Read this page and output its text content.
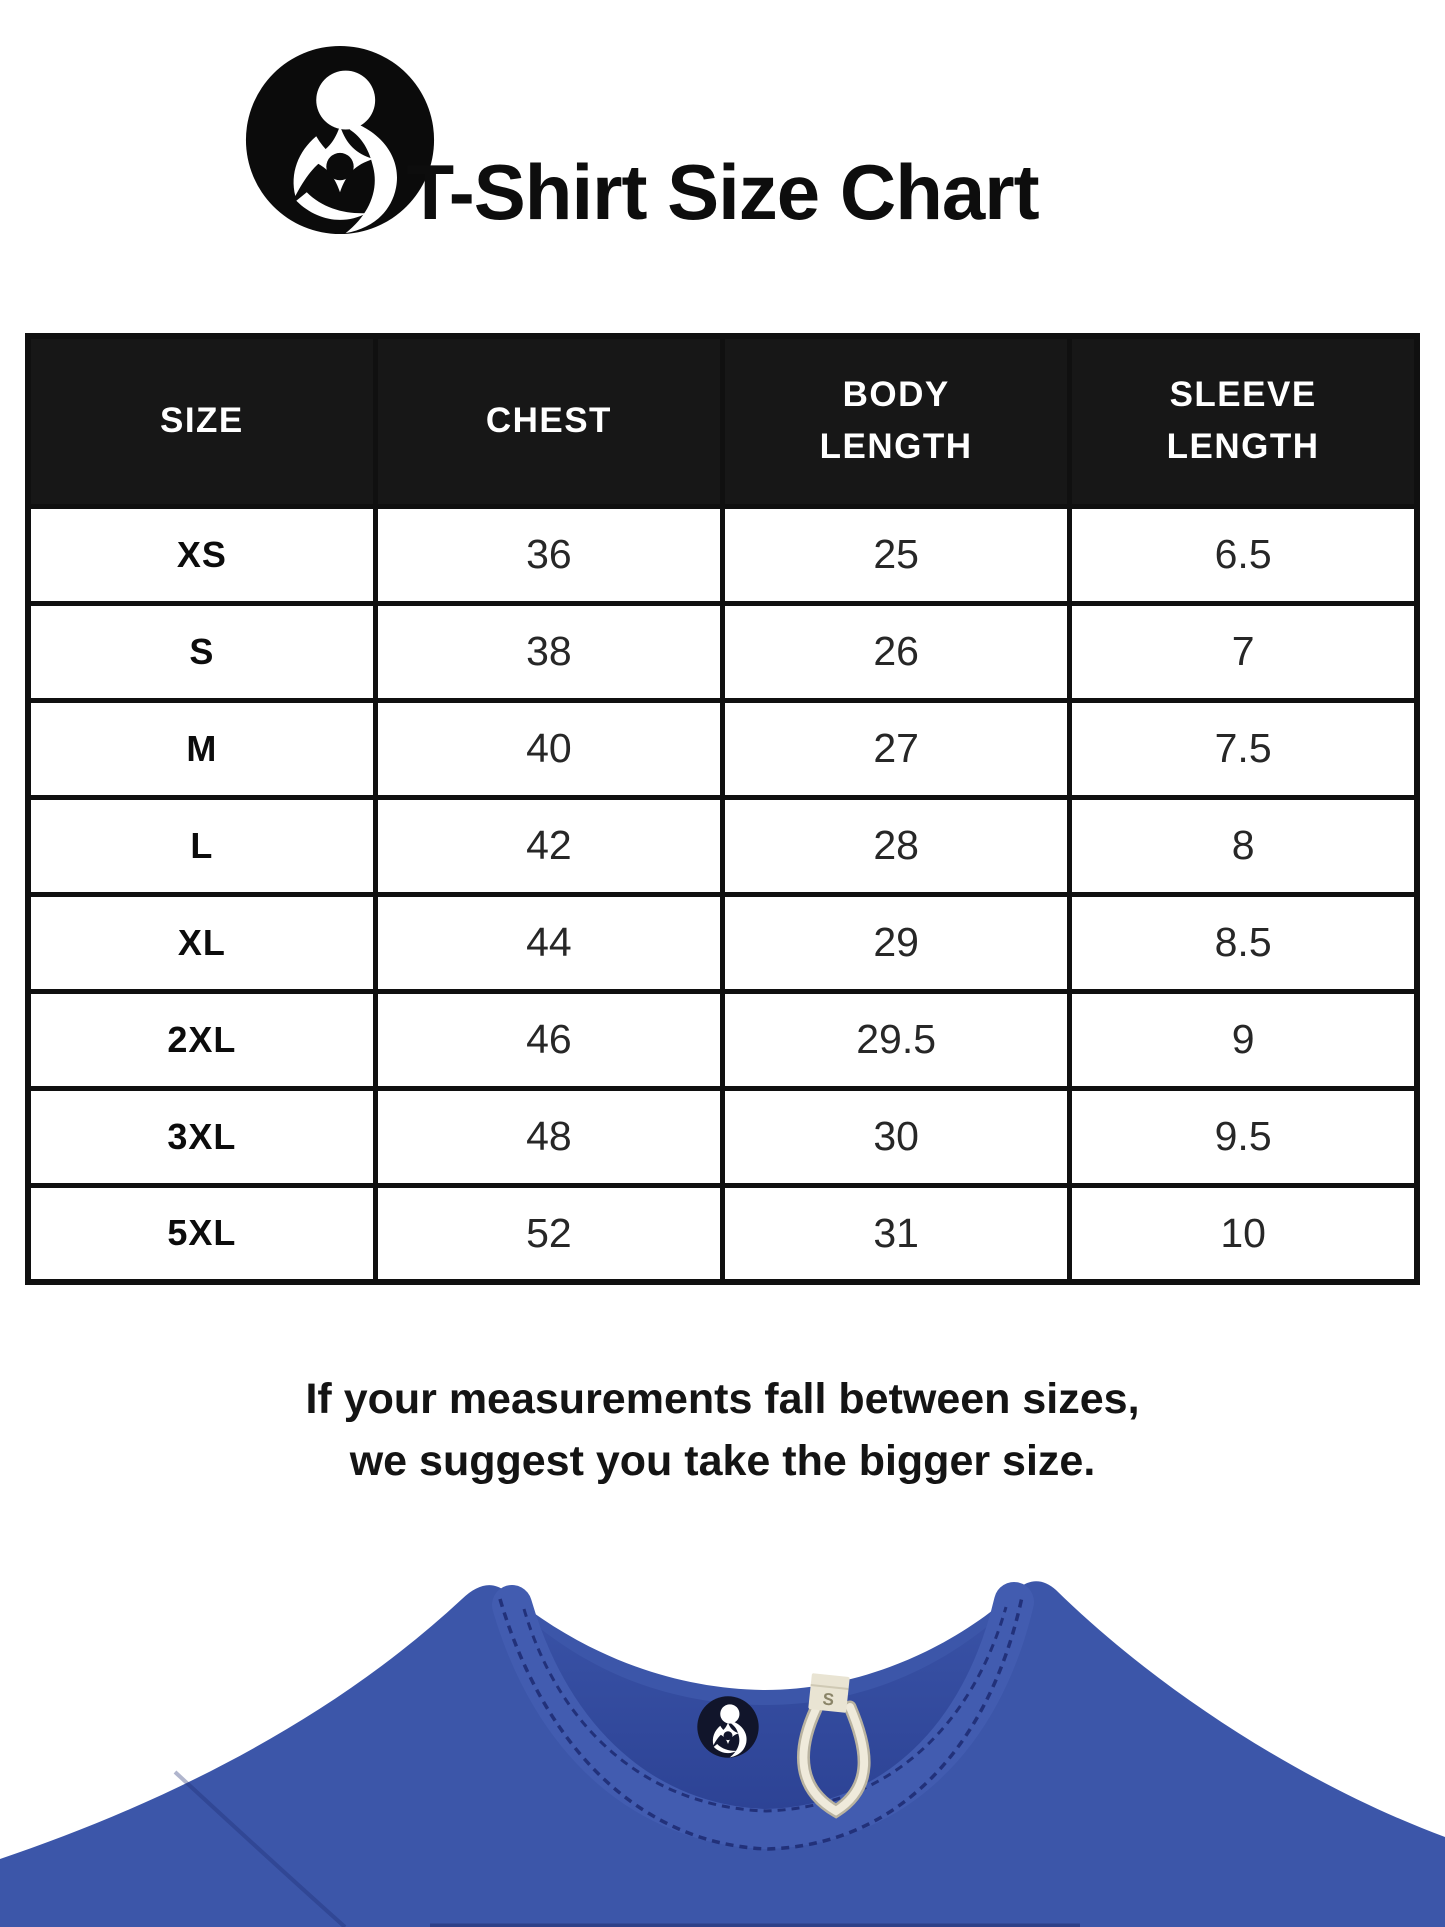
T-Shirt Size Chart
SIZE	CHEST	BODY LENGTH	SLEEVE LENGTH
XS	36	25	6.5
S	38	26	7
M	40	27	7.5
L	42	28	8
XL	44	29	8.5
2XL	46	29.5	9
3XL	48	30	9.5
5XL	52	31	10
If your measurements fall between sizes,
we suggest you take the bigger size.
S
